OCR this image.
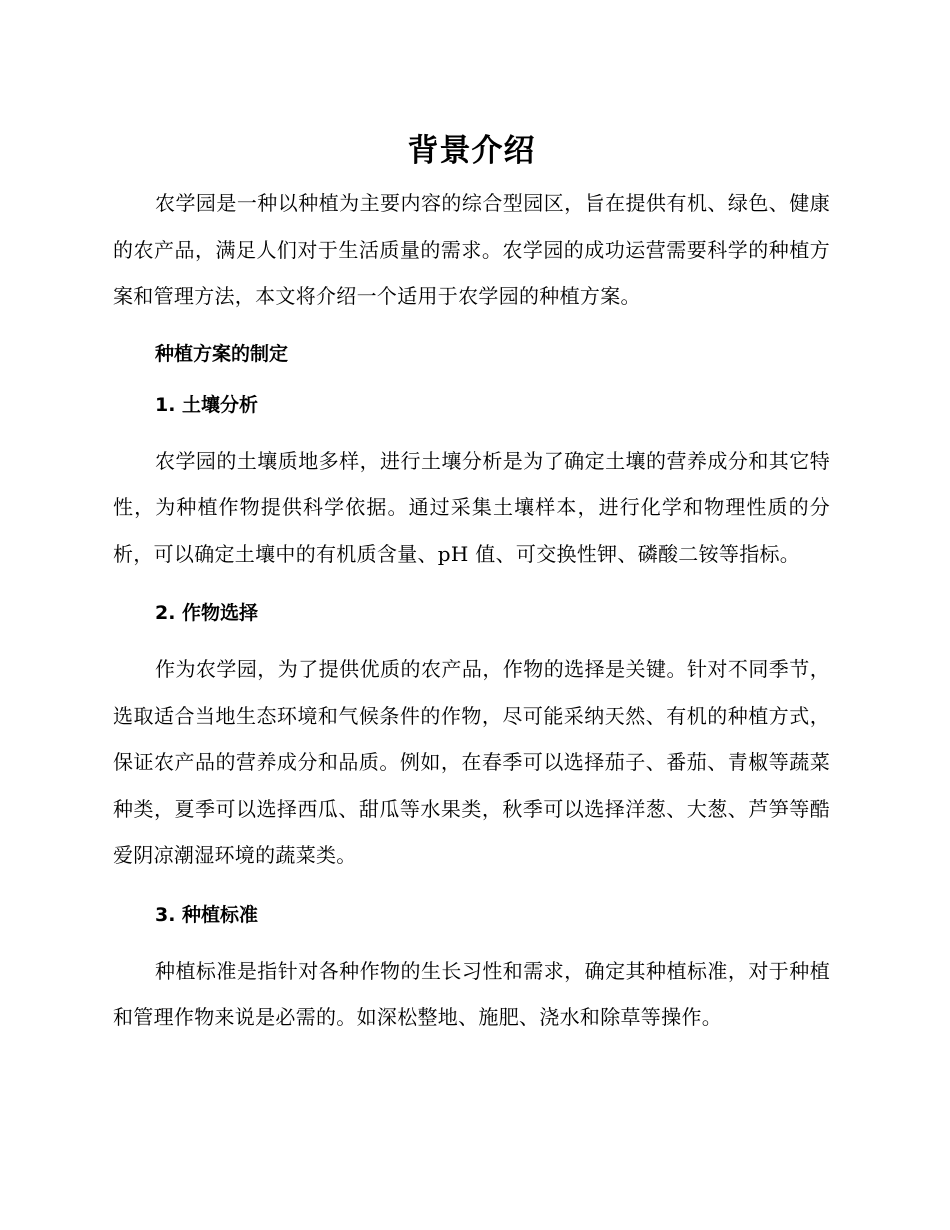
背景介绍

农学园是一种以种植为主要内容的综合型园区，旨在提供有机、绿色、健康的农产品，满足人们对于生活质量的需求。农学园的成功运营需要科学的种植方案和管理方法，本文将介绍一个适用于农学园的种植方案。

种植方案的制定
1. 土壤分析

农学园的土壤质地多样，进行土壤分析是为了确定土壤的营养成分和其它特性，为种植作物提供科学依据。通过采集土壤样本，进行化学和物理性质的分析，可以确定土壤中的有机质含量、pH 值、可交换性钾、磷酸二铵等指标。

2. 作物选择

作为农学园，为了提供优质的农产品，作物的选择是关键。针对不同季节，选取适合当地生态环境和气候条件的作物，尽可能采纳天然、有机的种植方式，保证农产品的营养成分和品质。例如，在春季可以选择茄子、番茄、青椒等蔬菜种类，夏季可以选择西瓜、甜瓜等水果类，秋季可以选择洋葱、大葱、芦笋等酷爱阴凉潮湿环境的蔬菜类。

3. 种植标准

种植标准是指针对各种作物的生长习性和需求，确定其种植标准，对于种植和管理作物来说是必需的。如深松整地、施肥、浇水和除草等操作。
